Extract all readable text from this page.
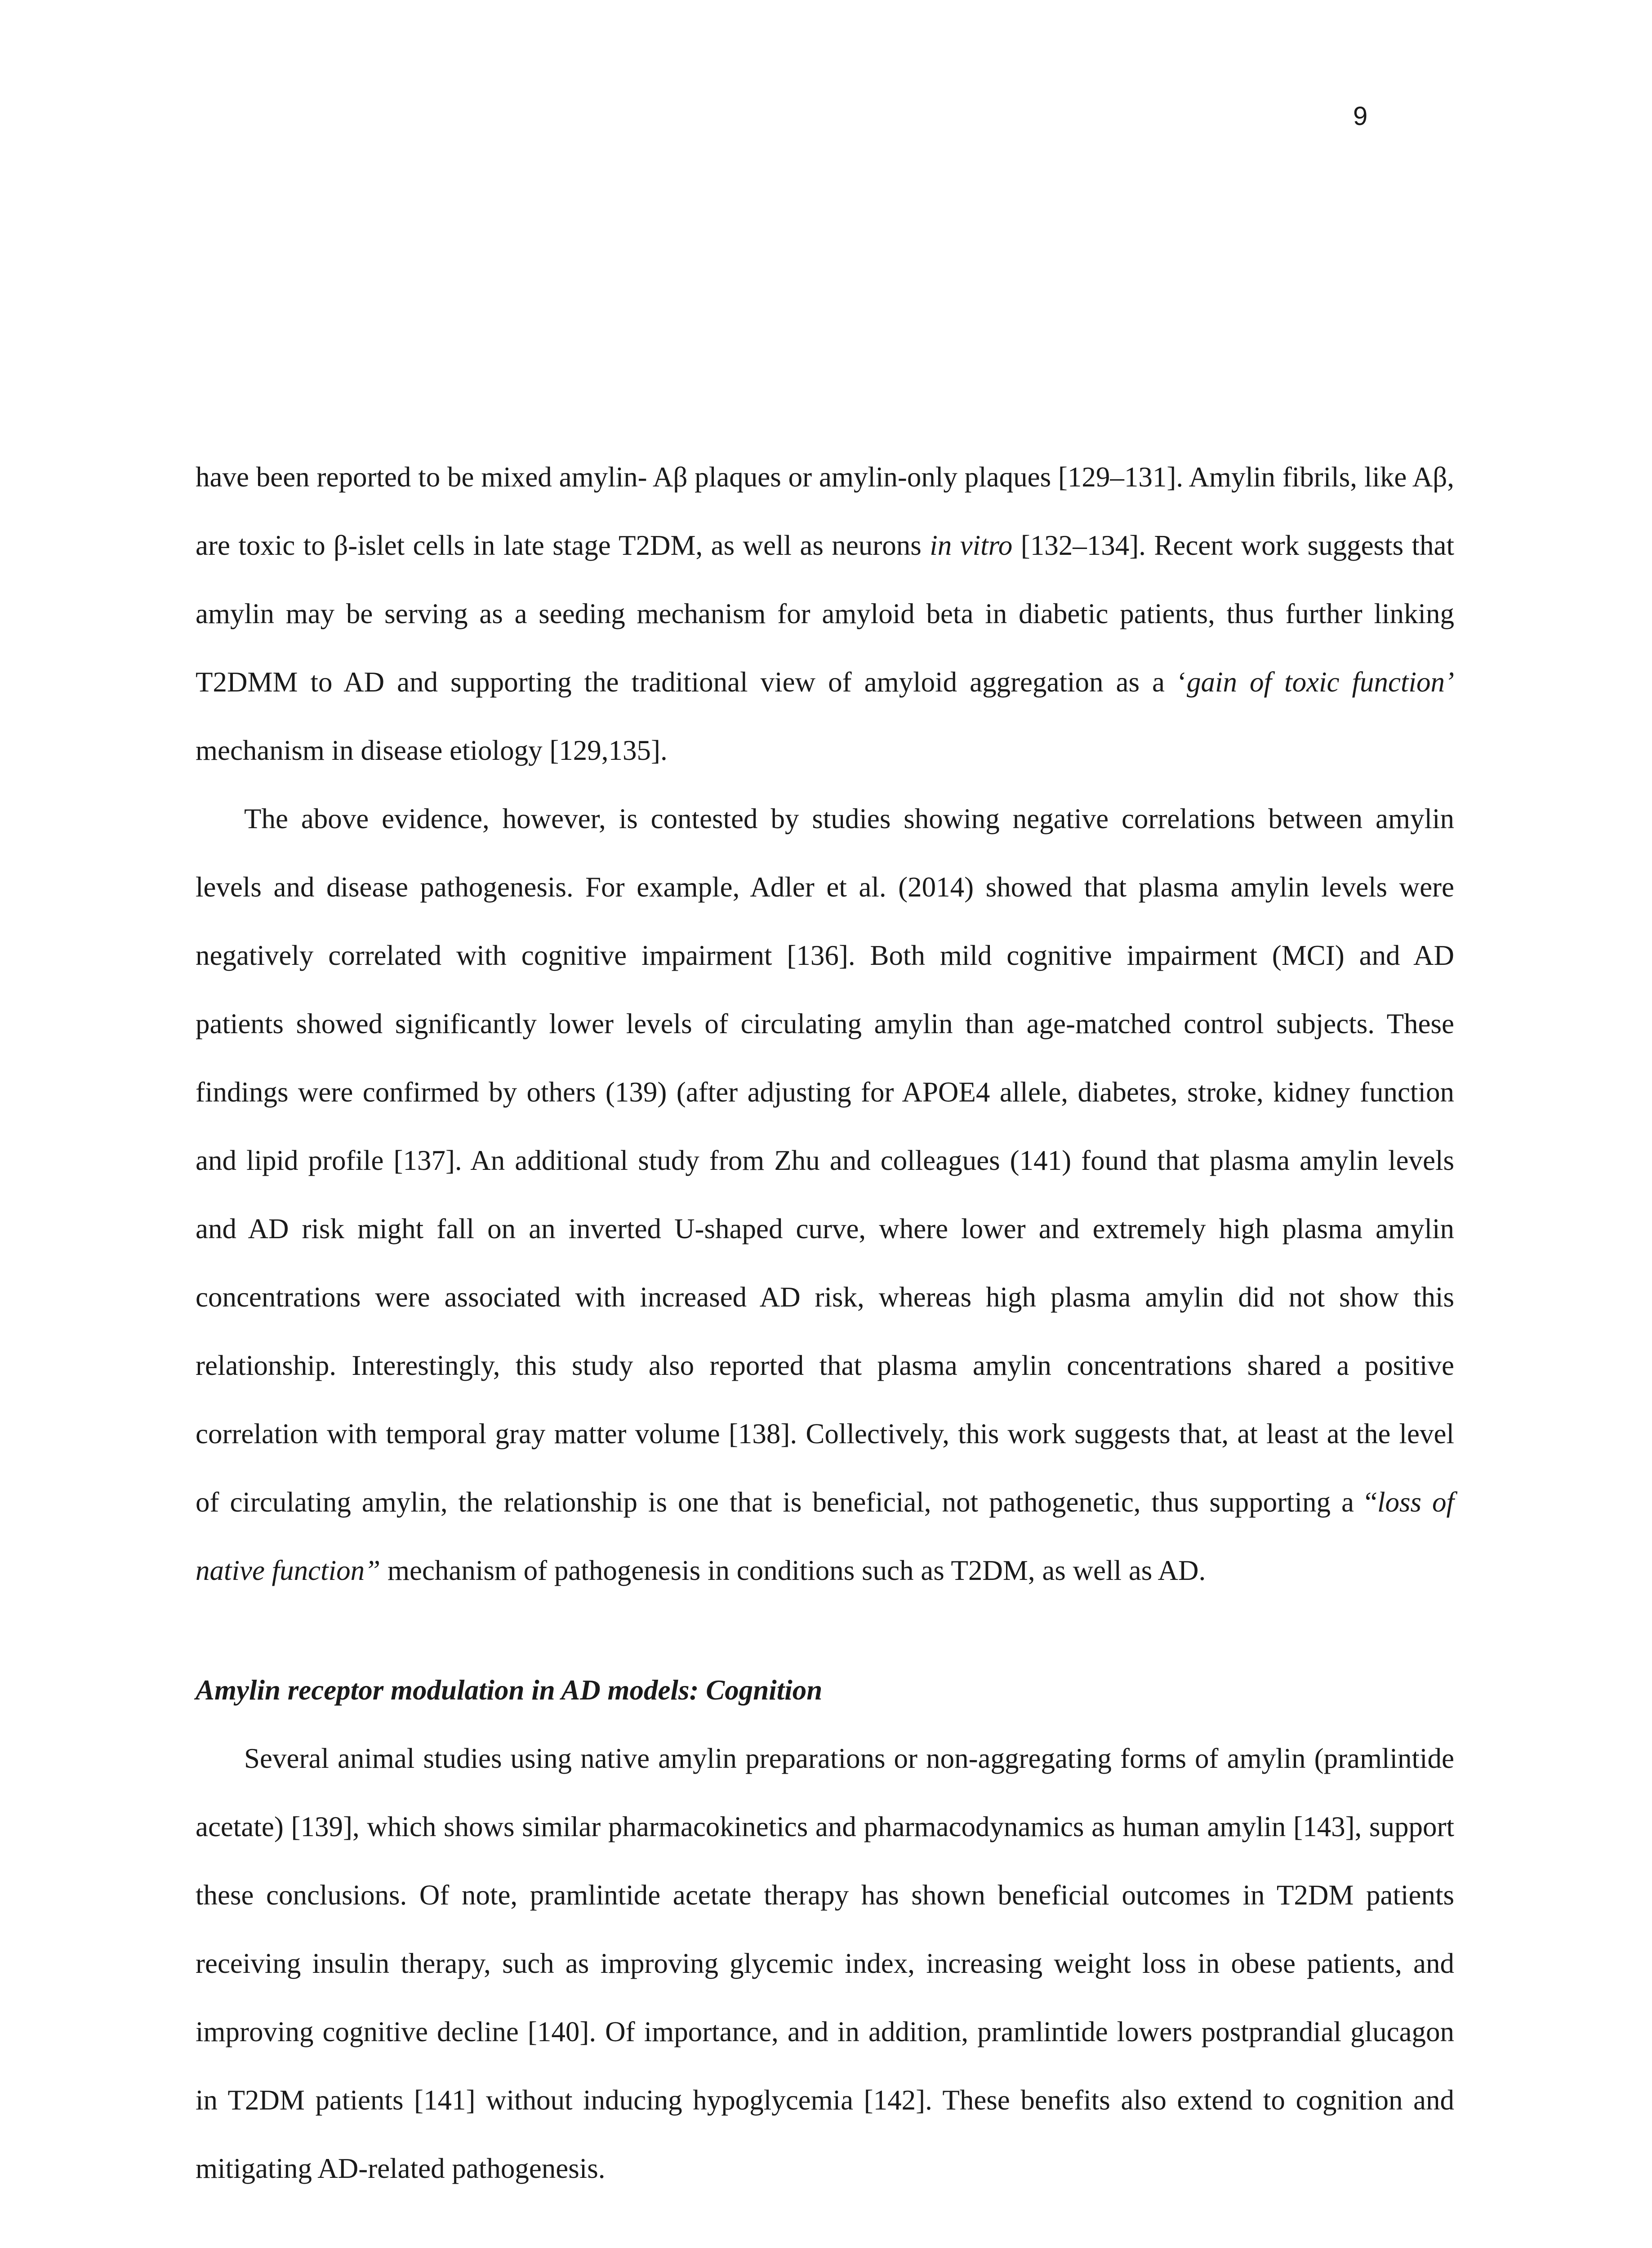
9

have been reported to be mixed amylin- Aβ plaques or amylin-only plaques [129–131]. Amylin fibrils, like Aβ, are toxic to β-islet cells in late stage T2DM, as well as neurons in vitro [132–134]. Recent work suggests that amylin may be serving as a seeding mechanism for amyloid beta in diabetic patients, thus further linking T2DMM to AD and supporting the traditional view of amyloid aggregation as a ‘gain of toxic function’ mechanism in disease etiology [129,135].

The above evidence, however, is contested by studies showing negative correlations between amylin levels and disease pathogenesis. For example, Adler et al. (2014) showed that plasma amylin levels were negatively correlated with cognitive impairment [136]. Both mild cognitive impairment (MCI) and AD patients showed significantly lower levels of circulating amylin than age-matched control subjects. These findings were confirmed by others (139) (after adjusting for APOE4 allele, diabetes, stroke, kidney function and lipid profile [137]. An additional study from Zhu and colleagues (141) found that plasma amylin levels and AD risk might fall on an inverted U-shaped curve, where lower and extremely high plasma amylin concentrations were associated with increased AD risk, whereas high plasma amylin did not show this relationship. Interestingly, this study also reported that plasma amylin concentrations shared a positive correlation with temporal gray matter volume [138]. Collectively, this work suggests that, at least at the level of circulating amylin, the relationship is one that is beneficial, not pathogenetic, thus supporting a “loss of native function” mechanism of pathogenesis in conditions such as T2DM, as well as AD.

Amylin receptor modulation in AD models: Cognition

Several animal studies using native amylin preparations or non-aggregating forms of amylin (pramlintide acetate) [139], which shows similar pharmacokinetics and pharmacodynamics as human amylin [143], support these conclusions. Of note, pramlintide acetate therapy has shown beneficial outcomes in T2DM patients receiving insulin therapy, such as improving glycemic index, increasing weight loss in obese patients, and improving cognitive decline [140]. Of importance, and in addition, pramlintide lowers postprandial glucagon in T2DM patients [141] without inducing hypoglycemia [142]. These benefits also extend to cognition and mitigating AD-related pathogenesis.
